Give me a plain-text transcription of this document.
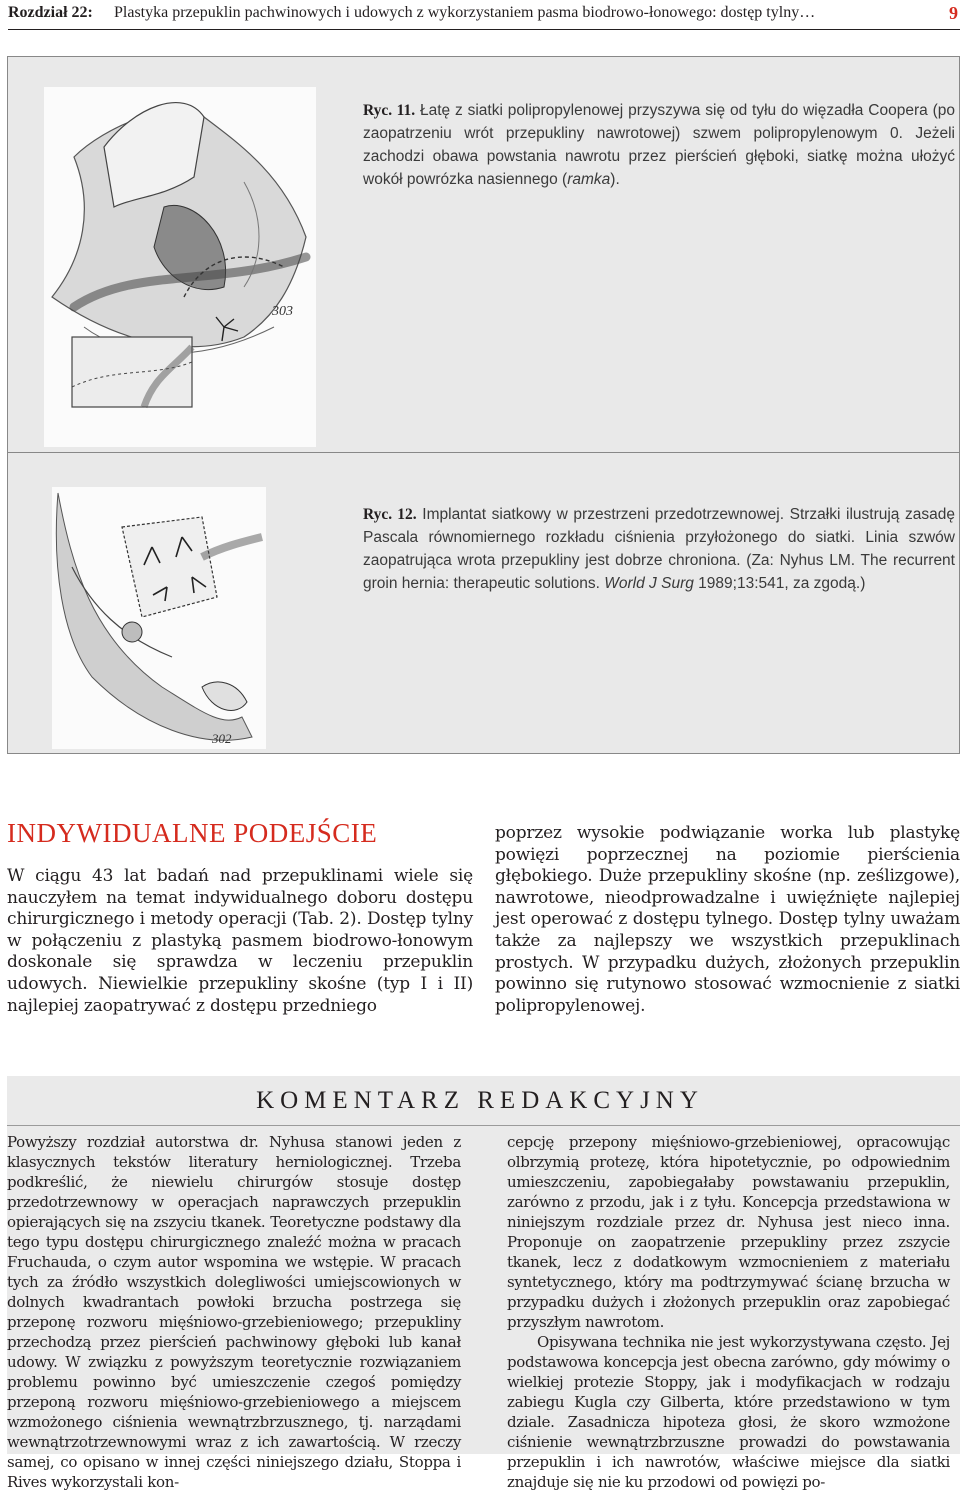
Rozdział 22: Plastyka przepuklin pachwinowych i udowych z wykorzystaniem pasma biodrowo-łonowego: dostęp tylny…	9
303
Ryc. 11. Łatę z siatki polipropylenowej przyszywa się od tyłu do więzadła Coopera (po zaopatrzeniu wrót przepukliny nawrotowej) szwem polipropylenowym 0. Jeżeli zachodzi obawa powstania nawrotu przez pierścień głęboki, siatkę można ułożyć wokół powrózka nasiennego (ramka).
302
Ryc. 12. Implantat siatkowy w przestrzeni przedotrzewnowej. Strzałki ilustrują zasadę Pascala równomiernego rozkładu ciśnienia przyłożonego do siatki. Linia szwów zaopatrująca wrota przepukliny jest dobrze chroniona. (Za: Nyhus LM. The recurrent groin hernia: therapeutic solutions. World J Surg 1989;13:541, za zgodą.)
INDYWIDUALNE PODEJŚCIE

W ciągu 43 lat badań nad przepuklinami wiele się nauczyłem na temat indywidualnego doboru dostępu chirurgicznego i metody operacji (Tab. 2). Dostęp tylny w połączeniu z plastyką pasmem biodrowo-łonowym doskonale się sprawdza w leczeniu przepuklin udowych. Niewielkie przepukliny skośne (typ I i II) najlepiej zaopatrywać z dostępu przedniego

poprzez wysokie podwiązanie worka lub plastykę powięzi poprzecznej na poziomie pierścienia głębokiego. Duże przepukliny skośne (np. ześlizgowe), nawrotowe, nieodprowadzalne i uwięźnięte najlepiej jest operować z dostępu tylnego. Dostęp tylny uważam także za najlepszy we wszystkich przepuklinach prostych. W przypadku dużych, złożonych przepuklin powinno się rutynowo stosować wzmocnienie z siatki polipropylenowej.

KOMENTARZ REDAKCYJNY

Powyższy rozdział autorstwa dr. Nyhusa stanowi jeden z klasycznych tekstów literatury herniologicznej. Trzeba podkreślić, że niewielu chirurgów stosuje dostęp przedotrzewnowy w operacjach naprawczych przepuklin opierających się na zszyciu tkanek. Teoretyczne podstawy dla tego typu dostępu chirurgicznego znaleźć można w pracach Fruchauda, o czym autor wspomina we wstępie. W pracach tych za źródło wszystkich dolegliwości umiejscowionych w dolnych kwadrantach powłoki brzucha postrzega się przeponę rozworu mięśniowo-grzebieniowego; przepukliny przechodzą przez pierścień pachwinowy głęboki lub kanał udowy. W związku z powyższym teoretycznie rozwiązaniem problemu powinno być umieszczenie czegoś pomiędzy przeponą rozworu mięśniowo-grzebieniowego a miejscem wzmożonego ciśnienia wewnątrzbrzusznego, tj. narządami wewnątrzotrzewnowymi wraz z ich zawartością. W rzeczy samej, co opisano w innej części niniejszego działu, Stoppa i Rives wykorzystali kon-

cepcję przepony mięśniowo-grzebieniowej, opracowując olbrzymią protezę, która hipotetycznie, po odpowiednim umieszczeniu, zapobiegałaby powstawaniu przepuklin, zarówno z przodu, jak i z tyłu. Koncepcja przedstawiona w niniejszym rozdziale przez dr. Nyhusa jest nieco inna. Proponuje on zaopatrzenie przepukliny przez zszycie tkanek, lecz z dodatkowym wzmocnieniem z materiału syntetycznego, który ma podtrzymywać ścianę brzucha w przypadku dużych i złożonych przepuklin oraz zapobiegać przyszłym nawrotom.
Opisywana technika nie jest wykorzystywana często. Jej podstawowa koncepcja jest obecna zarówno, gdy mówimy o wielkiej protezie Stoppy, jak i modyfikacjach w rodzaju zabiegu Kugla czy Gilberta, które przedstawiono w tym dziale. Zasadnicza hipoteza głosi, że skoro wzmożone ciśnienie wewnątrzbrzuszne prowadzi do powstawania przepuklin i ich nawrotów, właściwe miejsce dla siatki znajduje się nie ku przodowi od powięzi po-
